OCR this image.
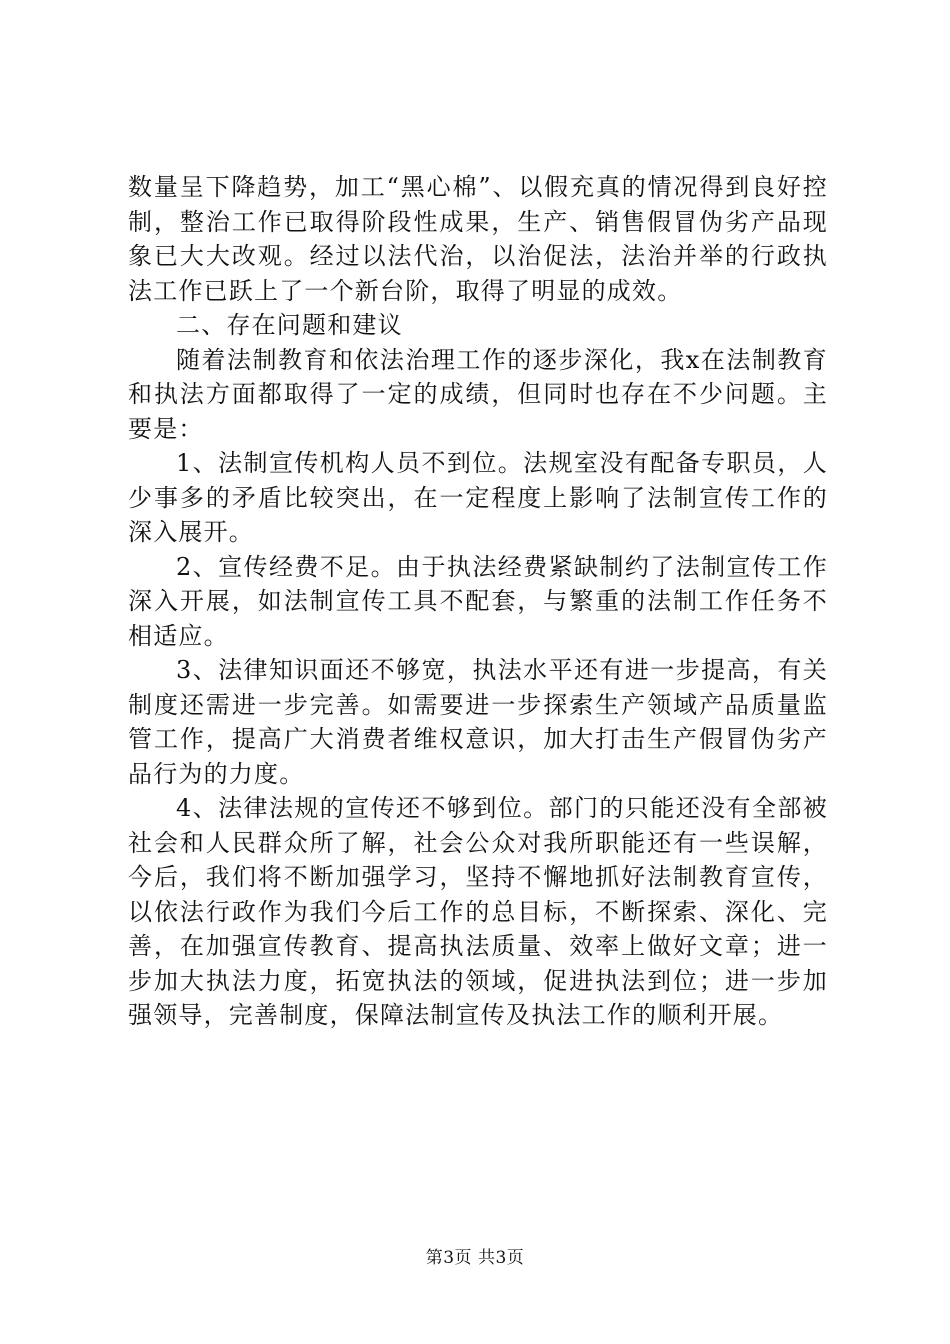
数量呈下降趋势，加工“黑心棉”、以假充真的情况得到良好控制，整治工作已取得阶段性成果，生产、销售假冒伪劣产品现象已大大改观。经过以法代治，以治促法，法治并举的行政执法工作已跃上了一个新台阶，取得了明显的成效。

二、存在问题和建议

随着法制教育和依法治理工作的逐步深化，我x在法制教育和执法方面都取得了一定的成绩，但同时也存在不少问题。主要是：

1、法制宣传机构人员不到位。法规室没有配备专职员，人少事多的矛盾比较突出，在一定程度上影响了法制宣传工作的深入展开。

2、宣传经费不足。由于执法经费紧缺制约了法制宣传工作深入开展，如法制宣传工具不配套，与繁重的法制工作任务不相适应。

3、法律知识面还不够宽，执法水平还有进一步提高，有关制度还需进一步完善。如需要进一步探索生产领域产品质量监管工作，提高广大消费者维权意识，加大打击生产假冒伪劣产品行为的力度。

4、法律法规的宣传还不够到位。部门的只能还没有全部被社会和人民群众所了解，社会公众对我所职能还有一些误解，今后，我们将不断加强学习，坚持不懈地抓好法制教育宣传，以依法行政作为我们今后工作的总目标，不断探索、深化、完善，在加强宣传教育、提高执法质量、效率上做好文章；进一步加大执法力度，拓宽执法的领域，促进执法到位；进一步加强领导，完善制度，保障法制宣传及执法工作的顺利开展。

第3页 共3页
